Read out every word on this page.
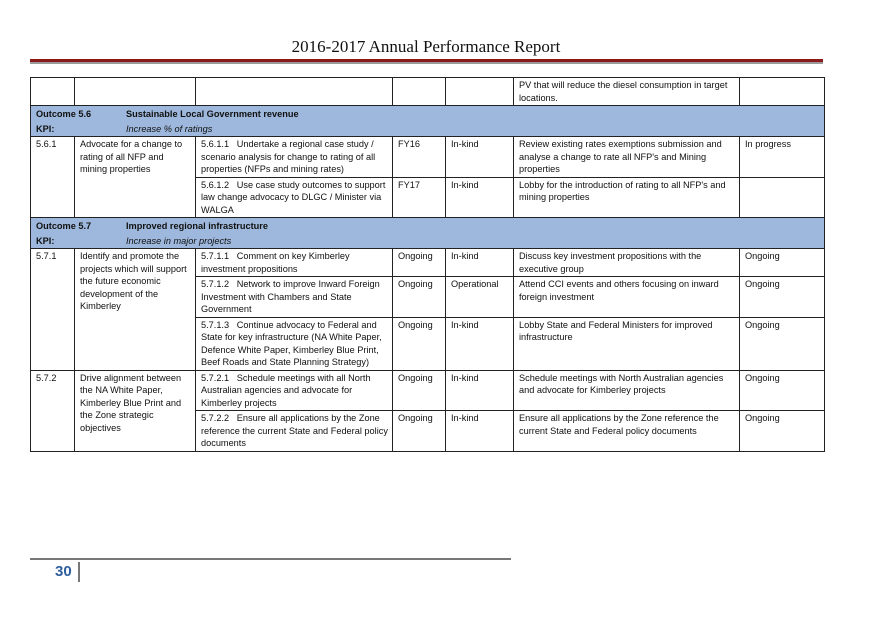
2016-2017 Annual Performance Report
					PV that will reduce the diesel consumption in target locations.	
Outcome 5.6 Sustainable Local Government revenue						
KPI: Increase % of ratings						
5.6.1	Advocate for a change to rating of all NFP and mining properties	5.6.1.1 Undertake a regional case study / scenario analysis for change to rating of all properties (NFPs and mining rates)	FY16	In-kind	Review existing rates exemptions submission and analyse a change to rate all NFP's and Mining properties	In progress
		5.6.1.2 Use case study outcomes to support law change advocacy to DLGC / Minister via WALGA	FY17	In-kind	Lobby for the introduction of rating to all NFP's and mining properties	
Outcome 5.7 Improved regional infrastructure						
KPI: Increase in major projects						
5.7.1	Identify and promote the projects which will support the future economic development of the Kimberley	5.7.1.1 Comment on key Kimberley investment propositions	Ongoing	In-kind	Discuss key investment propositions with the executive group	Ongoing
		5.7.1.2 Network to improve Inward Foreign Investment with Chambers and State Government	Ongoing	Operational	Attend CCI events and others focusing on inward foreign investment	Ongoing
		5.7.1.3 Continue advocacy to Federal and State for key infrastructure (NA White Paper, Defence White Paper, Kimberley Blue Print, Beef Roads and State Planning Strategy)	Ongoing	In-kind	Lobby State and Federal Ministers for improved infrastructure	Ongoing
5.7.2	Drive alignment between the NA White Paper, Kimberley Blue Print and the Zone strategic objectives	5.7.2.1 Schedule meetings with all North Australian agencies and advocate for Kimberley projects	Ongoing	In-kind	Schedule meetings with North Australian agencies and advocate for Kimberley projects	Ongoing
		5.7.2.2 Ensure all applications by the Zone reference the current State and Federal policy documents	Ongoing	In-kind	Ensure all applications by the Zone reference the current State and Federal policy documents	Ongoing
30
